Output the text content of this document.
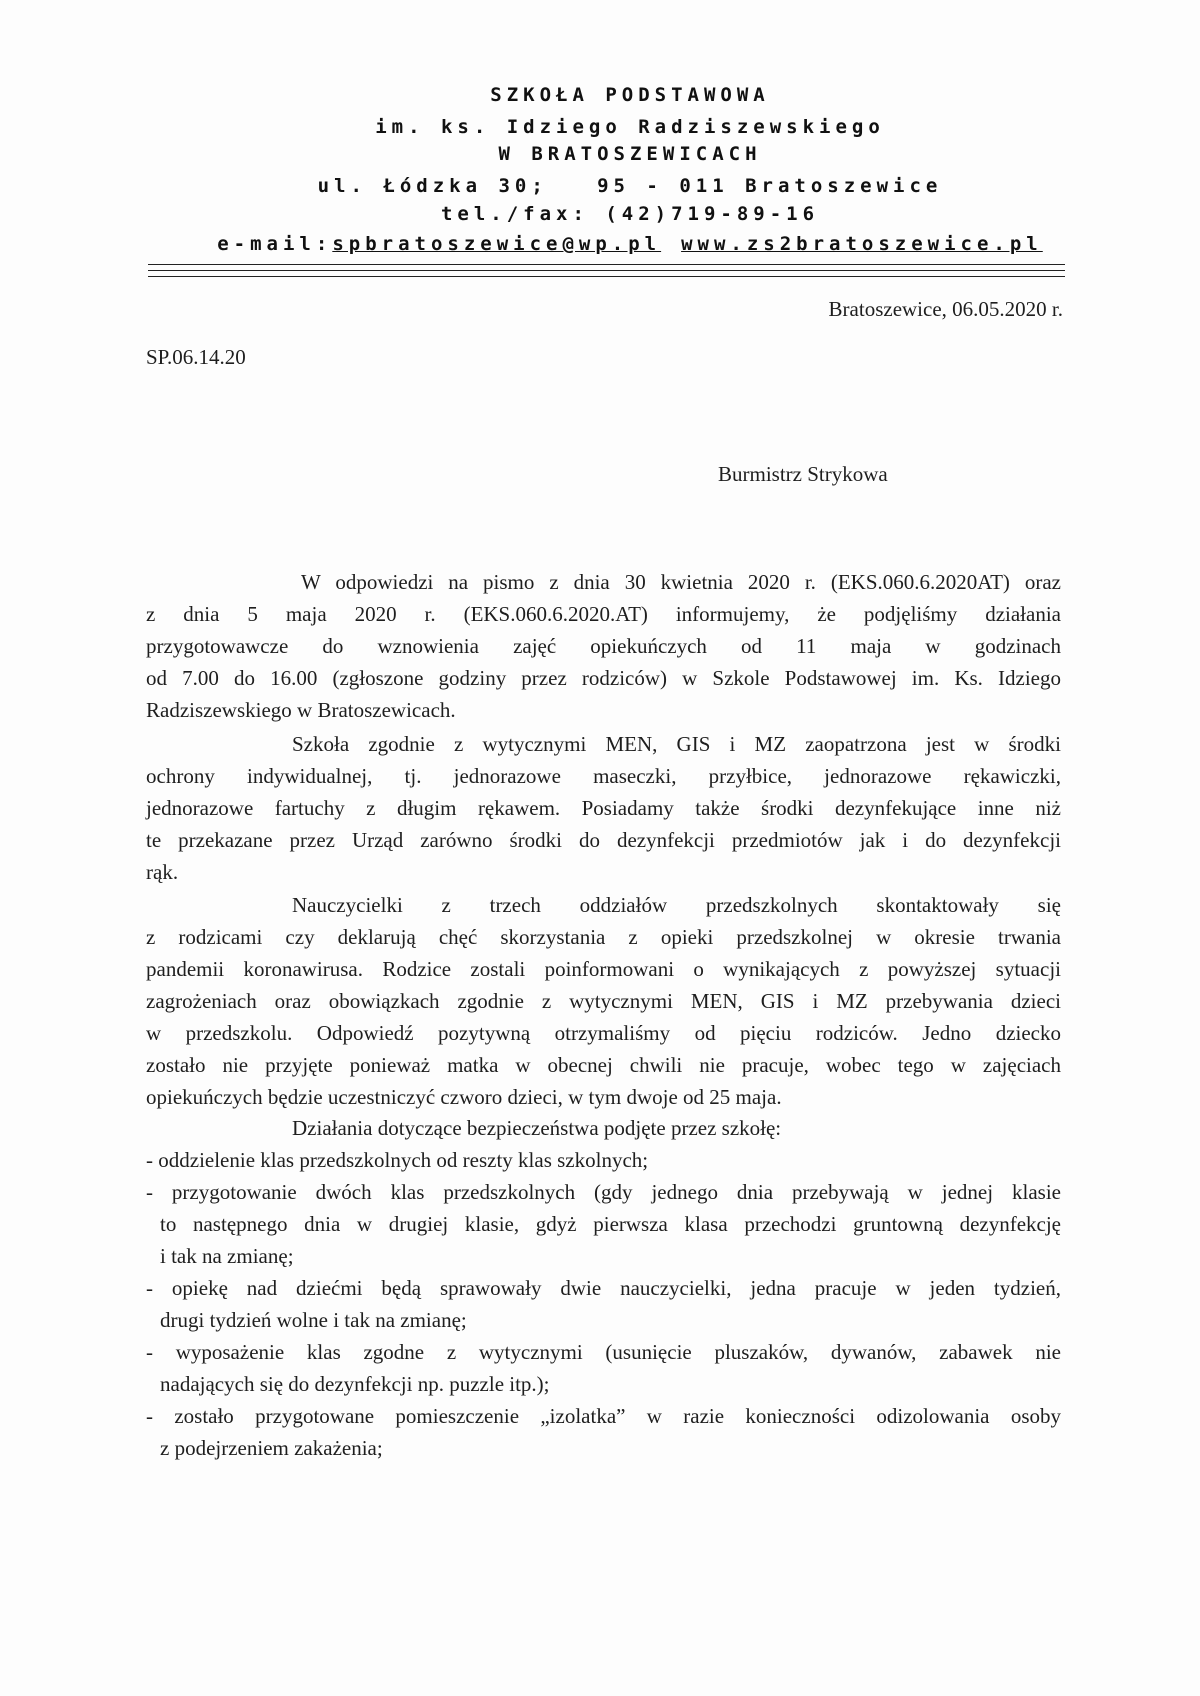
SZKOŁA PODSTAWOWA
im. ks. Idziego Radziszewskiego
W BRATOSZEWICACH
ul. Łódzka 30;   95 - 011 Bratoszewice
tel./fax: (42)719-89-16
e-mail:spbratoszewice@wp.pl www.zs2bratoszewice.pl
Bratoszewice, 06.05.2020 r.
SP.06.14.20
Burmistrz Strykowa
W odpowiedzi na pismo z dnia 30 kwietnia 2020 r. (EKS.060.6.2020AT) oraz
z dnia 5 maja 2020 r. (EKS.060.6.2020.AT) informujemy, że podjęliśmy działania
przygotowawcze do wznowienia zajęć opiekuńczych od 11 maja w godzinach
od 7.00 do 16.00 (zgłoszone godziny przez rodziców) w Szkole Podstawowej im. Ks. Idziego
Radziszewskiego w Bratoszewicach.
Szkoła zgodnie z wytycznymi MEN, GIS i MZ zaopatrzona jest w środki
ochrony indywidualnej, tj. jednorazowe maseczki, przyłbice, jednorazowe rękawiczki,
jednorazowe fartuchy z długim rękawem. Posiadamy także środki dezynfekujące inne niż
te przekazane przez Urząd zarówno środki do dezynfekcji przedmiotów jak i do dezynfekcji
rąk.
Nauczycielki z trzech oddziałów przedszkolnych skontaktowały się
z rodzicami czy deklarują chęć skorzystania z opieki przedszkolnej w okresie trwania
pandemii koronawirusa. Rodzice zostali poinformowani o wynikających z powyższej sytuacji
zagrożeniach oraz obowiązkach zgodnie z wytycznymi MEN, GIS i MZ przebywania dzieci
w przedszkolu. Odpowiedź pozytywną otrzymaliśmy od pięciu rodziców. Jedno dziecko
zostało nie przyjęte ponieważ matka w obecnej chwili nie pracuje, wobec tego w zajęciach
opiekuńczych będzie uczestniczyć czworo dzieci, w tym dwoje od 25 maja.
Działania dotyczące bezpieczeństwa podjęte przez szkołę:
- oddzielenie klas przedszkolnych od reszty klas szkolnych;
- przygotowanie dwóch klas przedszkolnych (gdy jednego dnia przebywają w jednej klasie
to następnego dnia w drugiej klasie, gdyż pierwsza klasa przechodzi gruntowną dezynfekcję
i tak na zmianę;
- opiekę nad dziećmi będą sprawowały dwie nauczycielki, jedna pracuje w jeden tydzień,
drugi tydzień wolne i tak na zmianę;
- wyposażenie klas zgodne z wytycznymi (usunięcie pluszaków, dywanów, zabawek nie
nadających się do dezynfekcji np. puzzle itp.);
- zostało przygotowane pomieszczenie „izolatka” w razie konieczności odizolowania osoby
z podejrzeniem zakażenia;
